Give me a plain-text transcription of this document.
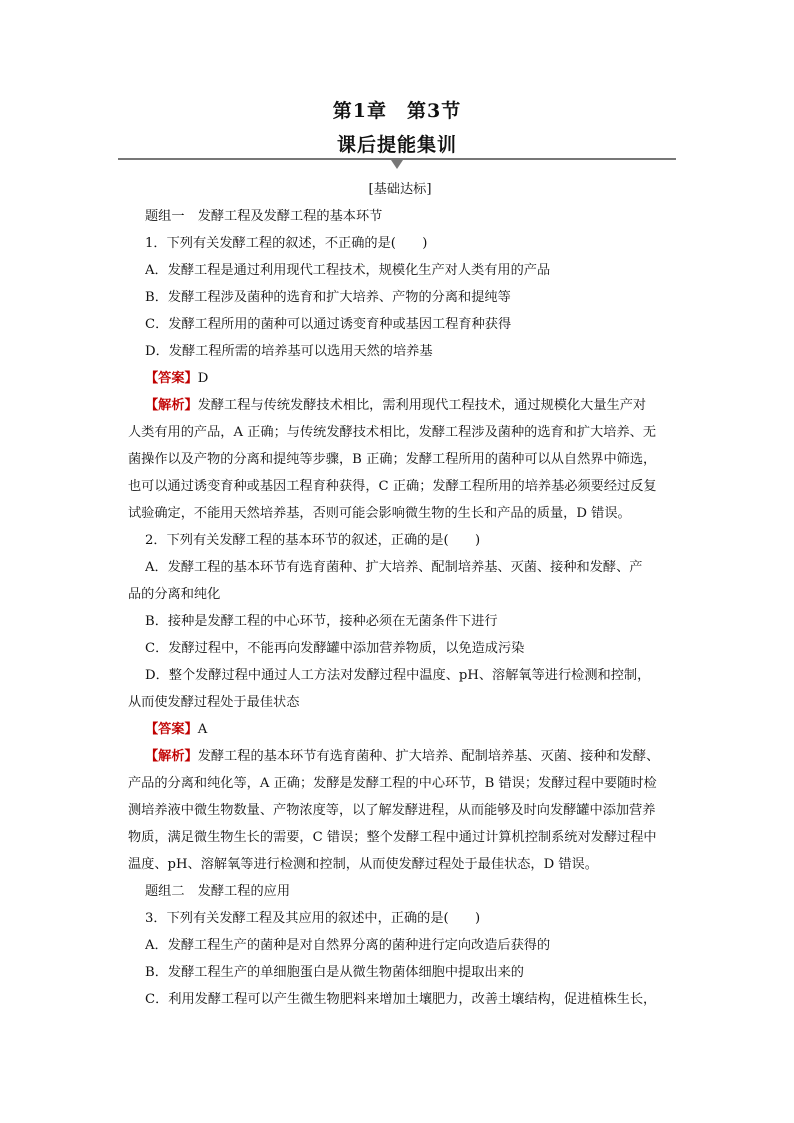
第1章　第3节
课后提能集训
[基础达标]
题组一　发酵工程及发酵工程的基本环节
1．下列有关发酵工程的叙述，不正确的是(　　)
A．发酵工程是通过利用现代工程技术，规模化生产对人类有用的产品
B．发酵工程涉及菌种的选育和扩大培养、产物的分离和提纯等
C．发酵工程所用的菌种可以通过诱变育种或基因工程育种获得
D．发酵工程所需的培养基可以选用天然的培养基
【答案】D
【解析】发酵工程与传统发酵技术相比，需利用现代工程技术，通过规模化大量生产对
人类有用的产品，A 正确；与传统发酵技术相比，发酵工程涉及菌种的选育和扩大培养、无
菌操作以及产物的分离和提纯等步骤，B 正确；发酵工程所用的菌种可以从自然界中筛选，
也可以通过诱变育种或基因工程育种获得，C 正确；发酵工程所用的培养基必须要经过反复
试验确定，不能用天然培养基，否则可能会影响微生物的生长和产品的质量，D 错误。
2．下列有关发酵工程的基本环节的叙述，正确的是(　　)
A．发酵工程的基本环节有选育菌种、扩大培养、配制培养基、灭菌、接种和发酵、产
品的分离和纯化
B．接种是发酵工程的中心环节，接种必须在无菌条件下进行
C．发酵过程中，不能再向发酵罐中添加营养物质，以免造成污染
D．整个发酵过程中通过人工方法对发酵过程中温度、pH、溶解氧等进行检测和控制，
从而使发酵过程处于最佳状态
【答案】A
【解析】发酵工程的基本环节有选育菌种、扩大培养、配制培养基、灭菌、接种和发酵、
产品的分离和纯化等，A 正确；发酵是发酵工程的中心环节，B 错误；发酵过程中要随时检
测培养液中微生物数量、产物浓度等，以了解发酵进程，从而能够及时向发酵罐中添加营养
物质，满足微生物生长的需要，C 错误；整个发酵工程中通过计算机控制系统对发酵过程中
温度、pH、溶解氧等进行检测和控制，从而使发酵过程处于最佳状态，D 错误。
题组二　发酵工程的应用
3．下列有关发酵工程及其应用的叙述中，正确的是(　　)
A．发酵工程生产的菌种是对自然界分离的菌种进行定向改造后获得的
B．发酵工程生产的单细胞蛋白是从微生物菌体细胞中提取出来的
C．利用发酵工程可以产生微生物肥料来增加土壤肥力，改善土壤结构，促进植株生长，
